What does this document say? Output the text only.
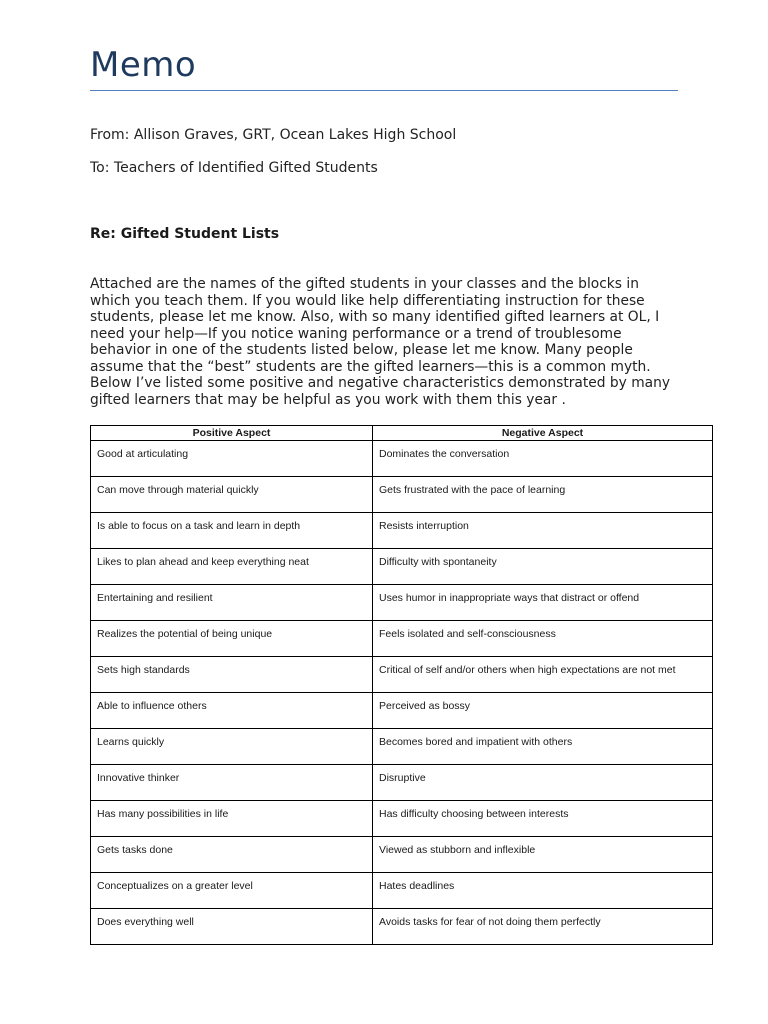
Memo

From: Allison Graves, GRT, Ocean Lakes High School

To: Teachers of Identified Gifted Students

Re: Gifted Student Lists

Attached are the names of the gifted students in your classes and the blocks in
which you teach them. If you would like help differentiating instruction for these
students, please let me know. Also, with so many identified gifted learners at OL, I
need your help—If you notice waning performance or a trend of troublesome
behavior in one of the students listed below, please let me know. Many people
assume that the “best” students are the gifted learners—this is a common myth.
Below I’ve listed some positive and negative characteristics demonstrated by many
gifted learners that may be helpful as you work with them this year .

Positive Aspect	Negative Aspect

Good at articulating	Dominates the conversation

Can move through material quickly	Gets frustrated with the pace of learning

Is able to focus on a task and learn in depth	Resists interruption

Likes to plan ahead and keep everything neat	Difficulty with spontaneity

Entertaining and resilient	Uses humor in inappropriate ways that distract or offend

Realizes the potential of being unique	Feels isolated and self-consciousness

Sets high standards	Critical of self and/or others when high expectations are not met

Able to influence others	Perceived as bossy

Learns quickly	Becomes bored and impatient with others

Innovative thinker	Disruptive

Has many possibilities in life	Has difficulty choosing between interests

Gets tasks done	Viewed as stubborn and inflexible

Conceptualizes on a greater level	Hates deadlines

Does everything well	Avoids tasks for fear of not doing them perfectly
